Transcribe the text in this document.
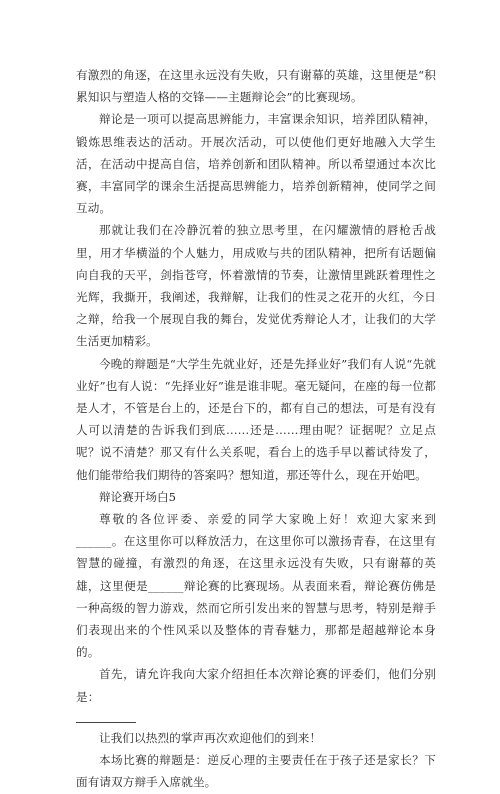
有激烈的角逐，在这里永远没有失败，只有谢幕的英雄，这里便是“积累知识与塑造人格的交锋——主题辩论会”的比赛现场。

辩论是一项可以提高思辨能力，丰富课余知识，培养团队精神，锻炼思维表达的活动。开展次活动，可以使他们更好地融入大学生活，在活动中提高自信，培养创新和团队精神。所以希望通过本次比赛，丰富同学的课余生活提高思辨能力，培养创新精神，使同学之间互动。

那就让我们在冷静沉着的独立思考里，在闪耀激情的唇枪舌战里，用才华横溢的个人魅力，用成败与共的团队精神，把所有话题偏向自我的天平，剑指苍穹，怀着激情的节奏，让激情里跳跃着理性之光辉，我撕开，我阐述，我辩解，让我们的性灵之花开的火红，今日之辩，给我一个展现自我的舞台，发觉优秀辩论人才，让我们的大学生活更加精彩。

今晚的辩题是“大学生先就业好，还是先择业好”我们有人说“先就业好”也有人说：“先择业好”谁是谁非呢。毫无疑问，在座的每一位都是人才，不管是台上的，还是台下的，都有自己的想法，可是有没有人可以清楚的告诉我们到底……还是……理由呢？证据呢？立足点呢？说不清楚？那又有什么关系呢，看台上的选手早以蓄试待发了，他们能带给我们期待的答案吗？想知道，那还等什么，现在开始吧。

辩论赛开场白5

尊敬的各位评委、亲爱的同学大家晚上好！欢迎大家来到______。在这里你可以释放活力，在这里你可以激扬青春，在这里有智慧的碰撞，有激烈的角逐，在这里永远没有失败，只有谢幕的英雄，这里便是______辩论赛的比赛现场。从表面来看，辩论赛仿佛是一种高级的智力游戏，然而它所引发出来的智慧与思考，特别是辩手们表现出来的个性风采以及整体的青春魅力，那都是超越辩论本身的。

首先，请允许我向大家介绍担任本次辩论赛的评委们，他们分别是：

让我们以热烈的掌声再次欢迎他们的到来！

本场比赛的辩题是：逆反心理的主要责任在于孩子还是家长？下面有请双方辩手入席就坐。
